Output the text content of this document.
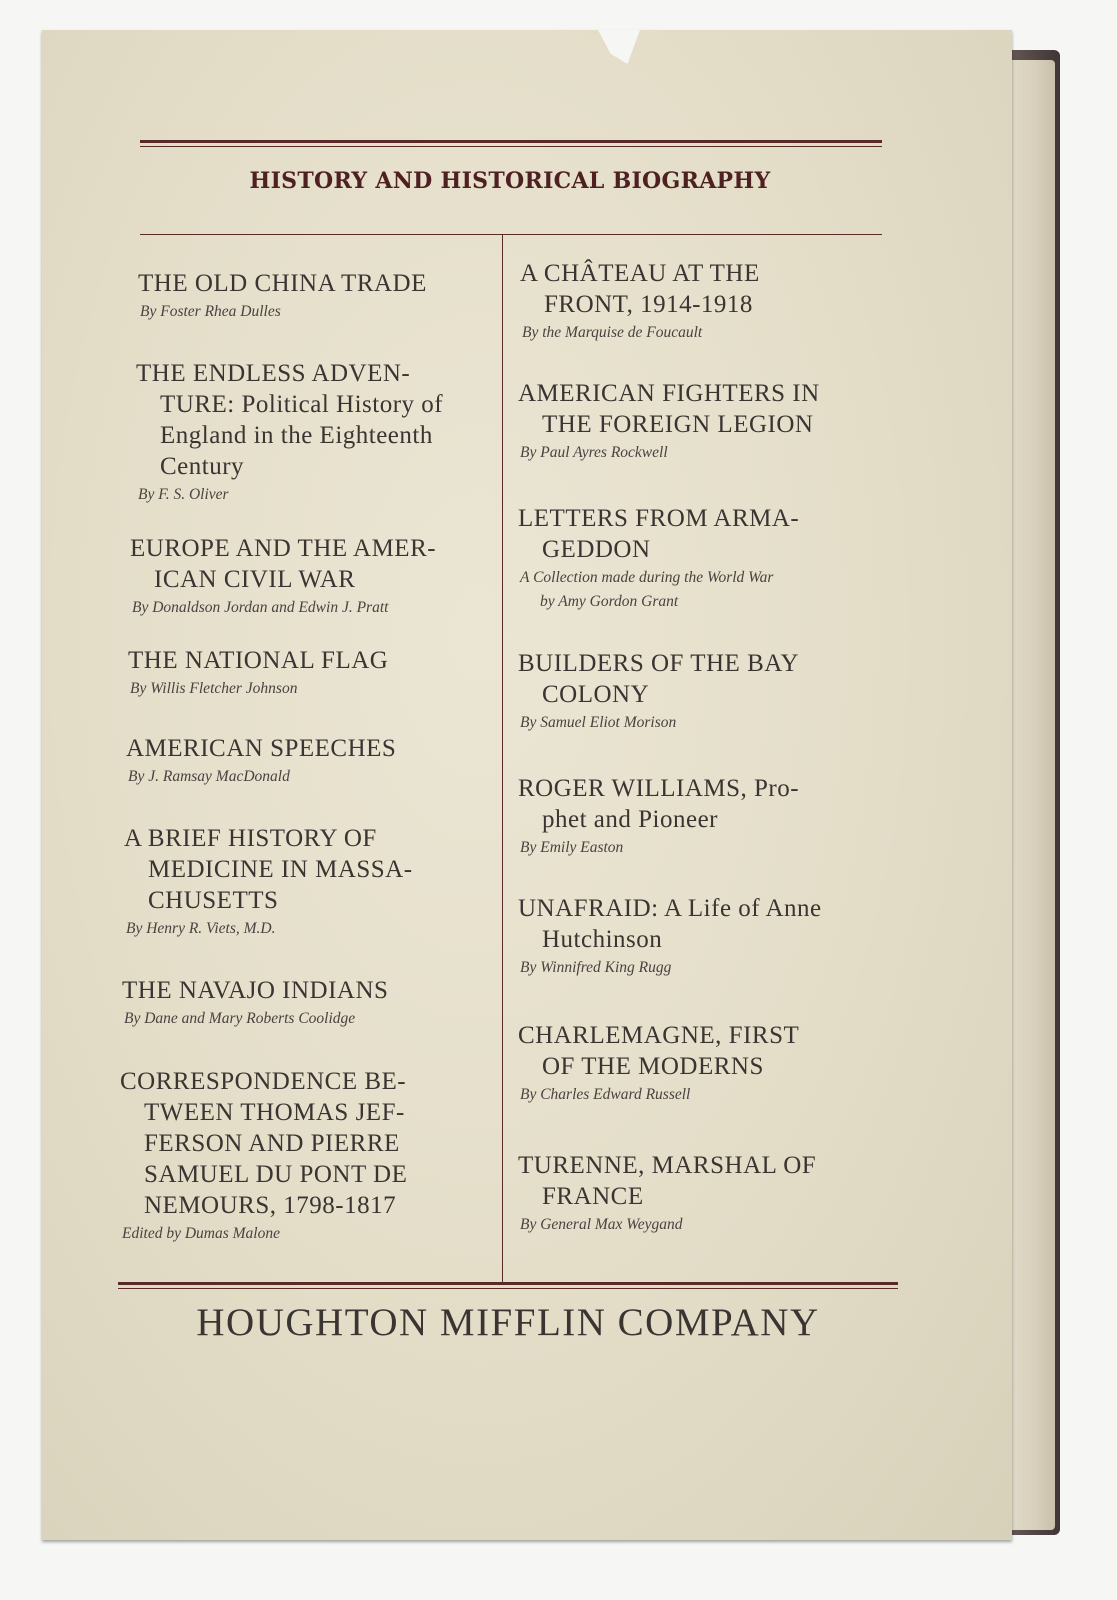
HISTORY AND HISTORICAL BIOGRAPHY
HOUGHTON MIFFLIN COMPANY
THE OLD CHINA TRADE
By Foster Rhea Dulles
THE ENDLESS ADVEN-
TURE: Political History of
England in the Eighteenth
Century
By F. S. Oliver
EUROPE AND THE AMER-
ICAN CIVIL WAR
By Donaldson Jordan and Edwin J. Pratt
THE NATIONAL FLAG
By Willis Fletcher Johnson
AMERICAN SPEECHES
By J. Ramsay MacDonald
A BRIEF HISTORY OF
MEDICINE IN MASSA-
CHUSETTS
By Henry R. Viets, M.D.
THE NAVAJO INDIANS
By Dane and Mary Roberts Coolidge
CORRESPONDENCE BE-
TWEEN THOMAS JEF-
FERSON AND PIERRE
SAMUEL DU PONT DE
NEMOURS, 1798-1817
Edited by Dumas Malone
A CHÂTEAU AT THE
FRONT, 1914-1918
By the Marquise de Foucault
AMERICAN FIGHTERS IN
THE FOREIGN LEGION
By Paul Ayres Rockwell
LETTERS FROM ARMA-
GEDDON
A Collection made during the World War
by Amy Gordon Grant
BUILDERS OF THE BAY
COLONY
By Samuel Eliot Morison
ROGER WILLIAMS, Pro-
phet and Pioneer
By Emily Easton
UNAFRAID: A Life of Anne
Hutchinson
By Winnifred King Rugg
CHARLEMAGNE, FIRST
OF THE MODERNS
By Charles Edward Russell
TURENNE, MARSHAL OF
FRANCE
By General Max Weygand
